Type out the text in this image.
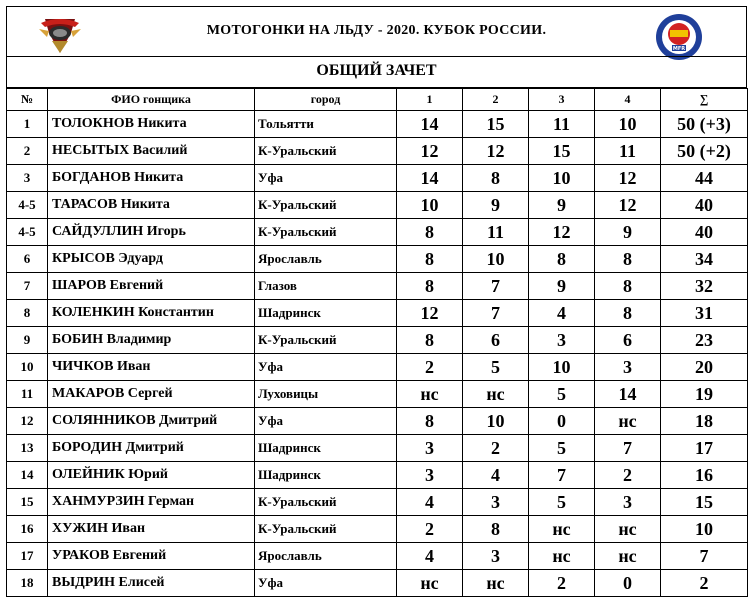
МОТОГОНКИ НА ЛЬДУ - 2020. КУБОК РОССИИ.
MFR
ОБЩИЙ ЗАЧЕТ
№	ФИО гонщика	город	1	2	3	4	∑
1	ТОЛОКНОВ Никита	Тольятти	14	15	11	10	50 (+3)
2	НЕСЫТЫХ Василий	К-Уральский	12	12	15	11	50 (+2)
3	БОГДАНОВ Никита	Уфа	14	8	10	12	44
4-5	ТАРАСОВ Никита	К-Уральский	10	9	9	12	40
4-5	САЙДУЛЛИН Игорь	К-Уральский	8	11	12	9	40
6	КРЫСОВ Эдуард	Ярославль	8	10	8	8	34
7	ШАРОВ Евгений	Глазов	8	7	9	8	32
8	КОЛЕНКИН Константин	Шадринск	12	7	4	8	31
9	БОБИН Владимир	К-Уральский	8	6	3	6	23
10	ЧИЧКОВ Иван	Уфа	2	5	10	3	20
11	МАКАРОВ Сергей	Луховицы	нс	нс	5	14	19
12	СОЛЯННИКОВ Дмитрий	Уфа	8	10	0	нс	18
13	БОРОДИН Дмитрий	Шадринск	3	2	5	7	17
14	ОЛЕЙНИК Юрий	Шадринск	3	4	7	2	16
15	ХАНМУРЗИН Герман	К-Уральский	4	3	5	3	15
16	ХУЖИН Иван	К-Уральский	2	8	нс	нс	10
17	УРАКОВ Евгений	Ярославль	4	3	нс	нс	7
18	ВЫДРИН Елисей	Уфа	нс	нс	2	0	2
